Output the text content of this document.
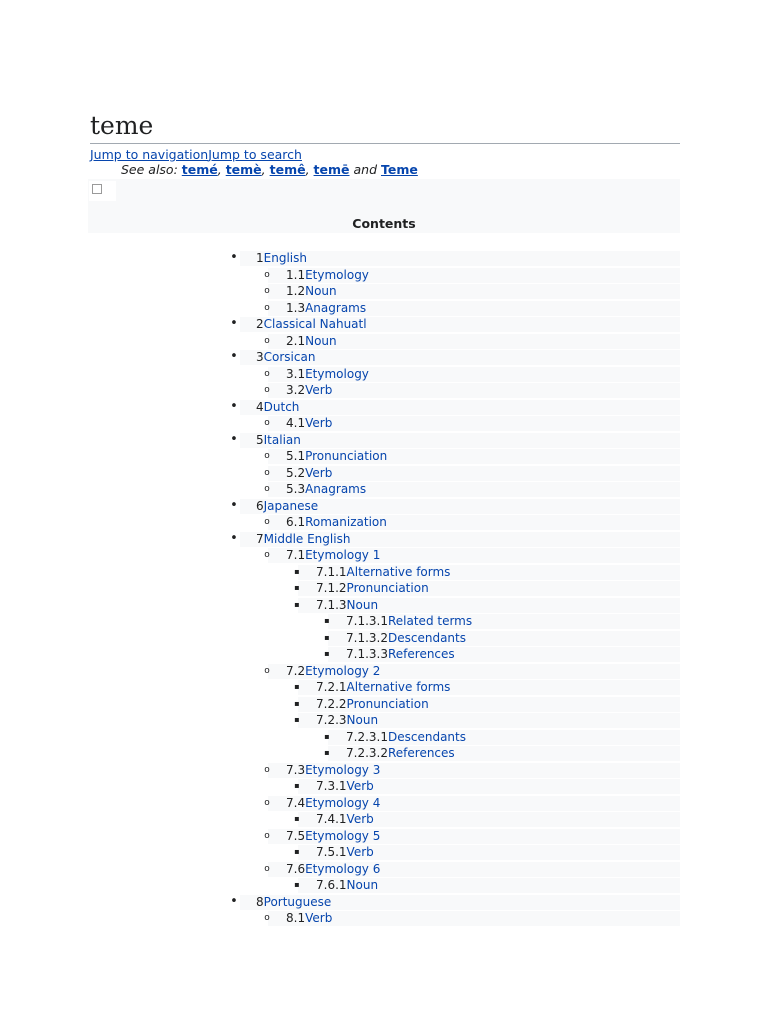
teme
Jump to navigationJump to search
See also: temé, temè, temê, temē and Teme
Contents
• 1English
o 1.1Etymology
o 1.2Noun
o 1.3Anagrams
• 2Classical Nahuatl
o 2.1Noun
• 3Corsican
o 3.1Etymology
o 3.2Verb
• 4Dutch
o 4.1Verb
• 5Italian
o 5.1Pronunciation
o 5.2Verb
o 5.3Anagrams
• 6Japanese
o 6.1Romanization
• 7Middle English
o 7.1Etymology 1
▪ 7.1.1Alternative forms
▪ 7.1.2Pronunciation
▪ 7.1.3Noun
▪ 7.1.3.1Related terms
▪ 7.1.3.2Descendants
▪ 7.1.3.3References
o 7.2Etymology 2
▪ 7.2.1Alternative forms
▪ 7.2.2Pronunciation
▪ 7.2.3Noun
▪ 7.2.3.1Descendants
▪ 7.2.3.2References
o 7.3Etymology 3
▪ 7.3.1Verb
o 7.4Etymology 4
▪ 7.4.1Verb
o 7.5Etymology 5
▪ 7.5.1Verb
o 7.6Etymology 6
▪ 7.6.1Noun
• 8Portuguese
o 8.1Verb
